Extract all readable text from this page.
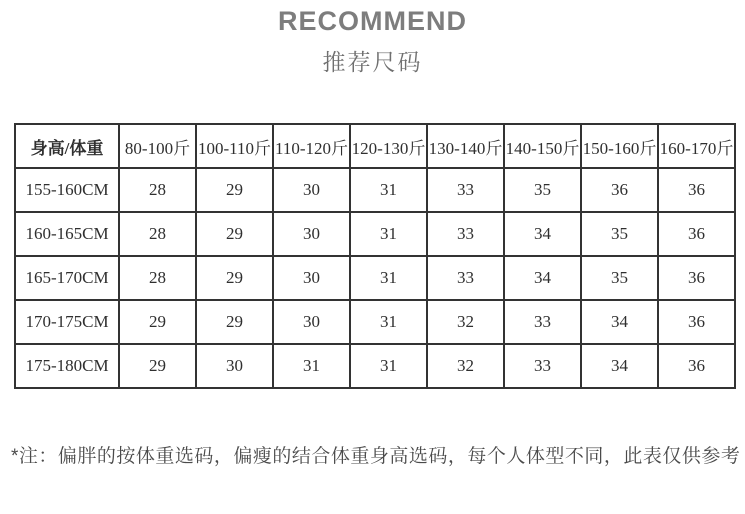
RECOMMEND
推荐尺码
身高/体重	80-100斤	100-110斤	110-120斤	120-130斤	130-140斤	140-150斤	150-160斤	160-170斤
155-160CM	28	29	30	31	33	35	36	36
160-165CM	28	29	30	31	33	34	35	36
165-170CM	28	29	30	31	33	34	35	36
170-175CM	29	29	30	31	32	33	34	36
175-180CM	29	30	31	31	32	33	34	36
*注：偏胖的按体重选码，偏瘦的结合体重身高选码，每个人体型不同，此表仅供参考
